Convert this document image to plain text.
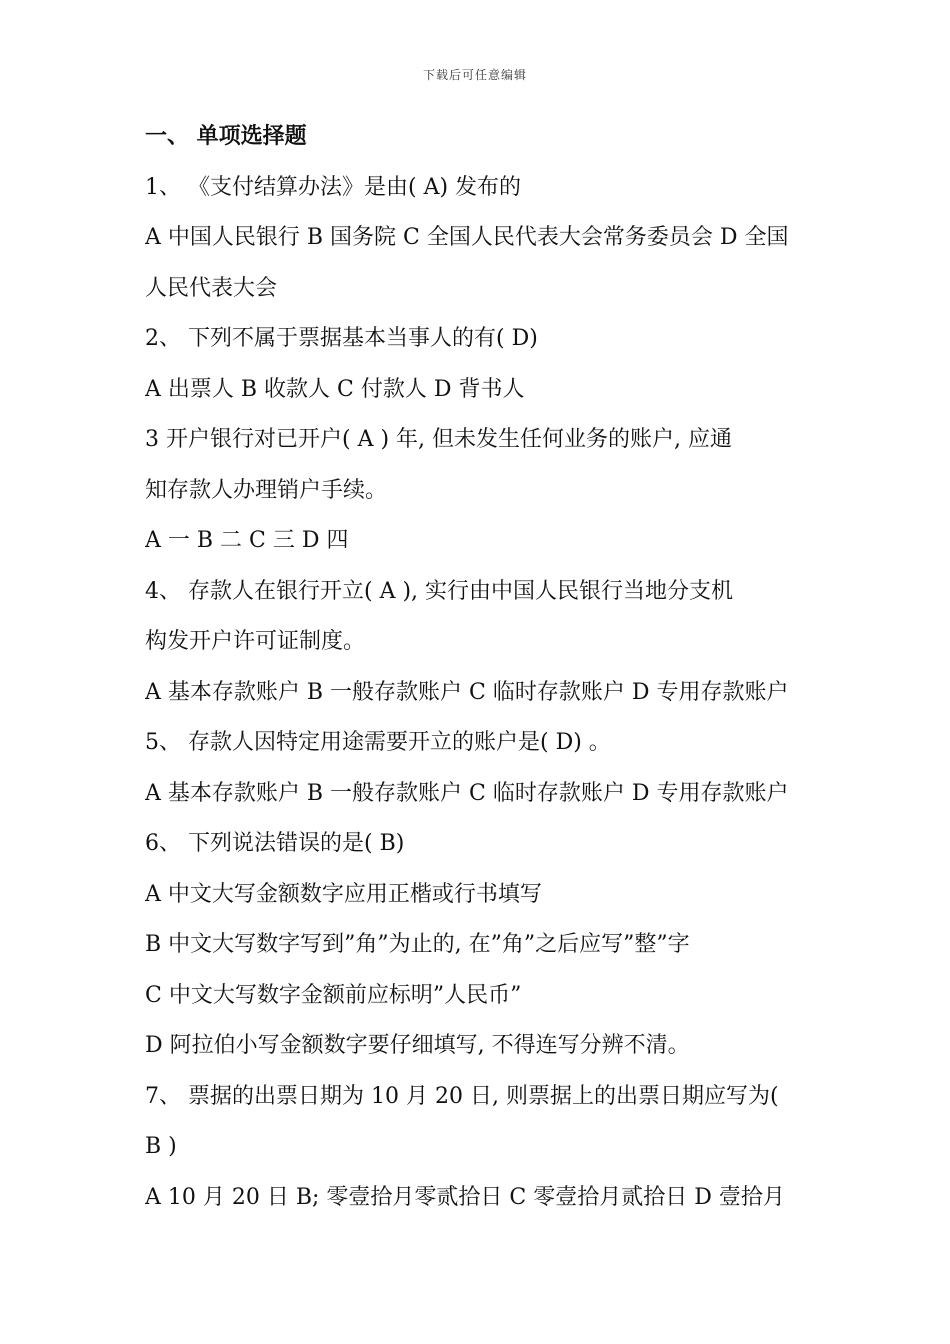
下载后可任意编辑
一、 单项选择题
1、 《支付结算办法》是由( A) 发布的
A 中国人民银行 B 国务院 C 全国人民代表大会常务委员会 D 全国
人民代表大会
2、 下列不属于票据基本当事人的有( D)
A 出票人 B 收款人 C 付款人 D 背书人
3 开户银行对已开户( A ) 年, 但未发生任何业务的账户, 应通
知存款人办理销户手续。
A 一 B 二 C 三 D 四
4、 存款人在银行开立( A ), 实行由中国人民银行当地分支机
构发开户许可证制度。
A 基本存款账户 B 一般存款账户 C 临时存款账户 D 专用存款账户
5、 存款人因特定用途需要开立的账户是( D) 。
A 基本存款账户 B 一般存款账户 C 临时存款账户 D 专用存款账户
6、 下列说法错误的是( B)
A 中文大写金额数字应用正楷或行书填写
B 中文大写数字写到”角”为止的, 在”角”之后应写”整”字
C 中文大写数字金额前应标明”人民币”
D 阿拉伯小写金额数字要仔细填写, 不得连写分辨不清。
7、 票据的出票日期为 10 月 20 日, 则票据上的出票日期应写为(
B )
A 10 月 20 日 B; 零壹拾月零贰拾日 C 零壹拾月贰拾日 D 壹拾月
